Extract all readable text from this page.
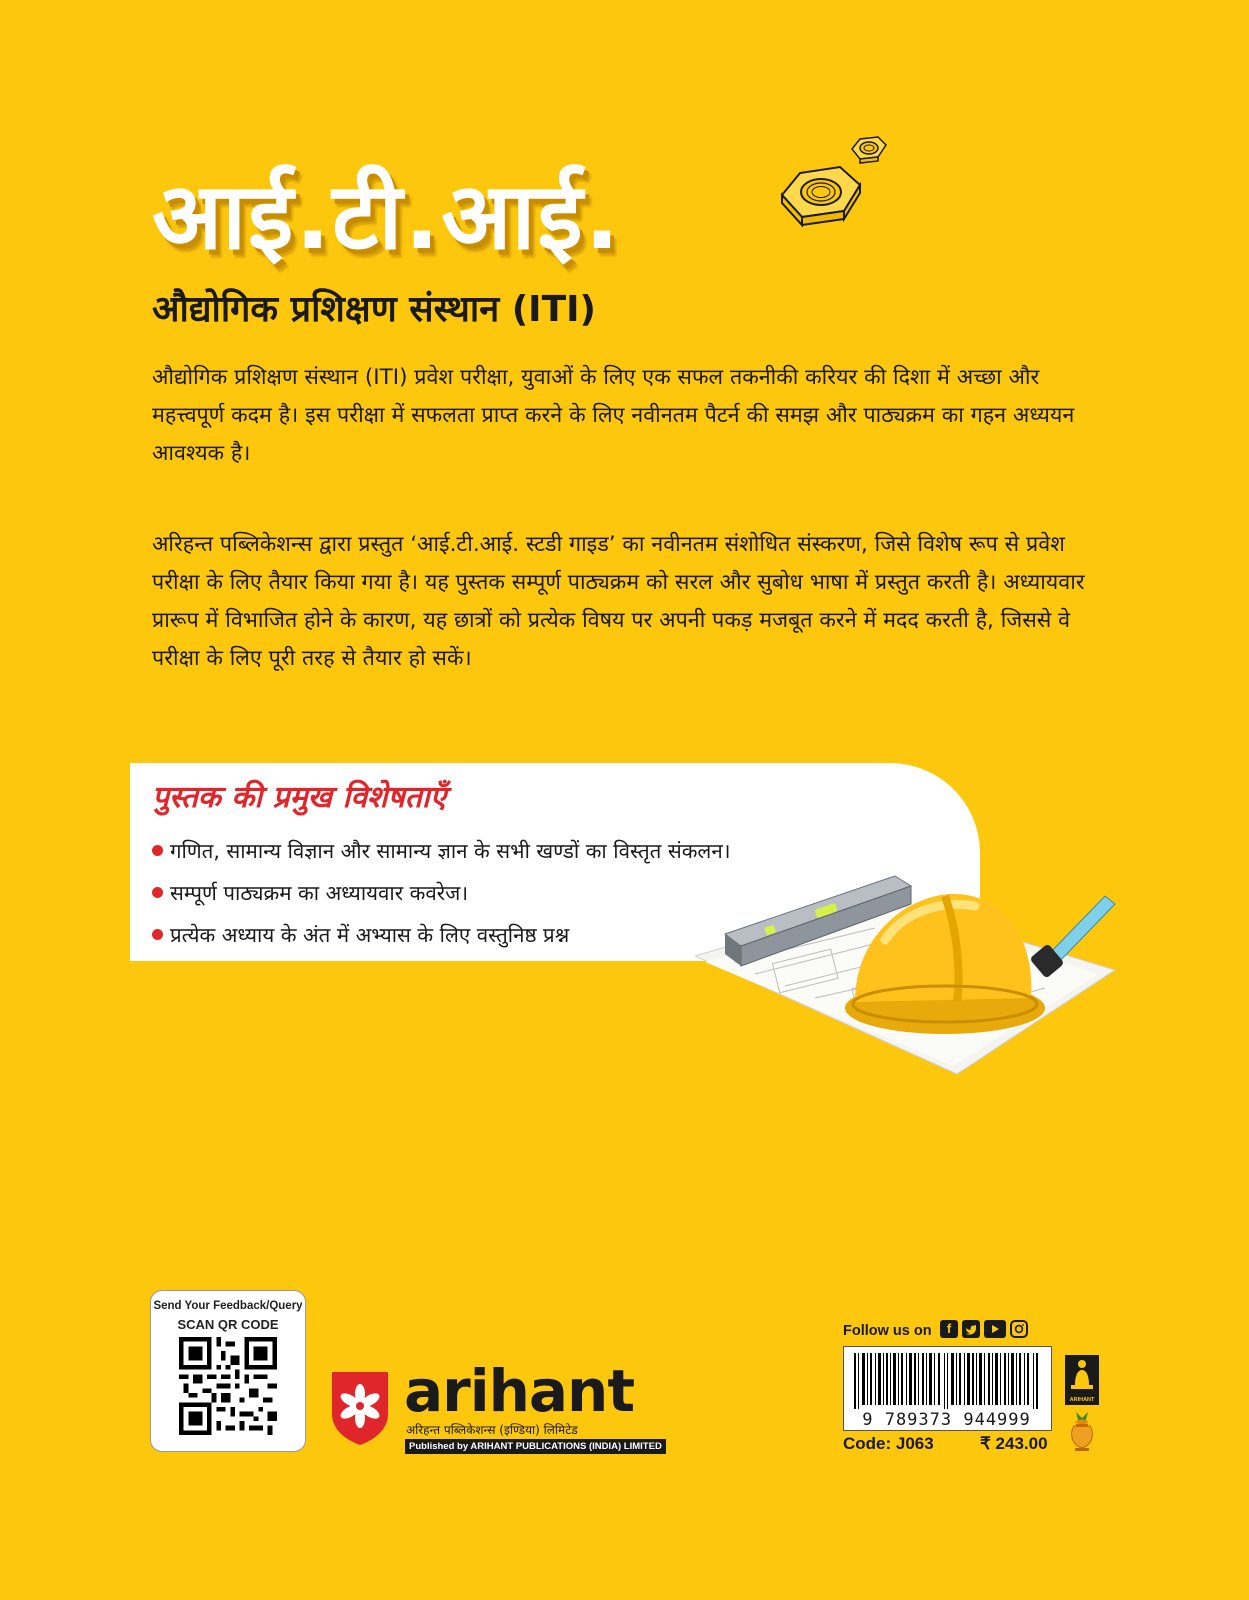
आई.टी.आई.
औद्योगिक प्रशिक्षण संस्थान (ITI)

औद्योगिक प्रशिक्षण संस्थान (ITI) प्रवेश परीक्षा, युवाओं के लिए एक सफल तकनीकी करियर की दिशा में अच्छा और महत्त्वपूर्ण कदम है। इस परीक्षा में सफलता प्राप्त करने के लिए नवीनतम पैटर्न की समझ और पाठ्यक्रम का गहन अध्ययन आवश्यक है।

अरिहन्त पब्लिकेशन्स द्वारा प्रस्तुत ‘आई.टी.आई. स्टडी गाइड’ का नवीनतम संशोधित संस्करण, जिसे विशेष रूप से प्रवेश परीक्षा के लिए तैयार किया गया है। यह पुस्तक सम्पूर्ण पाठ्यक्रम को सरल और सुबोध भाषा में प्रस्तुत करती है। अध्यायवार प्रारूप में विभाजित होने के कारण, यह छात्रों को प्रत्येक विषय पर अपनी पकड़ मजबूत करने में मदद करती है, जिससे वे परीक्षा के लिए पूरी तरह से तैयार हो सकें।

पुस्तक की प्रमुख विशेषताएँ
गणित, सामान्य विज्ञान और सामान्य ज्ञान के सभी खण्डों का विस्तृत संकलन।
सम्पूर्ण पाठ्यक्रम का अध्यायवार कवरेज।
प्रत्येक अध्याय के अंत में अभ्यास के लिए वस्तुनिष्ठ प्रश्न
Send Your Feedback/Query
SCAN QR CODE
arihant
अरिहन्त पब्लिकेशन्स (इण्डिया) लिमिटेड
Published by ARIHANT PUBLICATIONS (INDIA) LIMITED
Follow us on	f
9 789373 944999
Code: J063	₹ 243.00
ARIHANT
